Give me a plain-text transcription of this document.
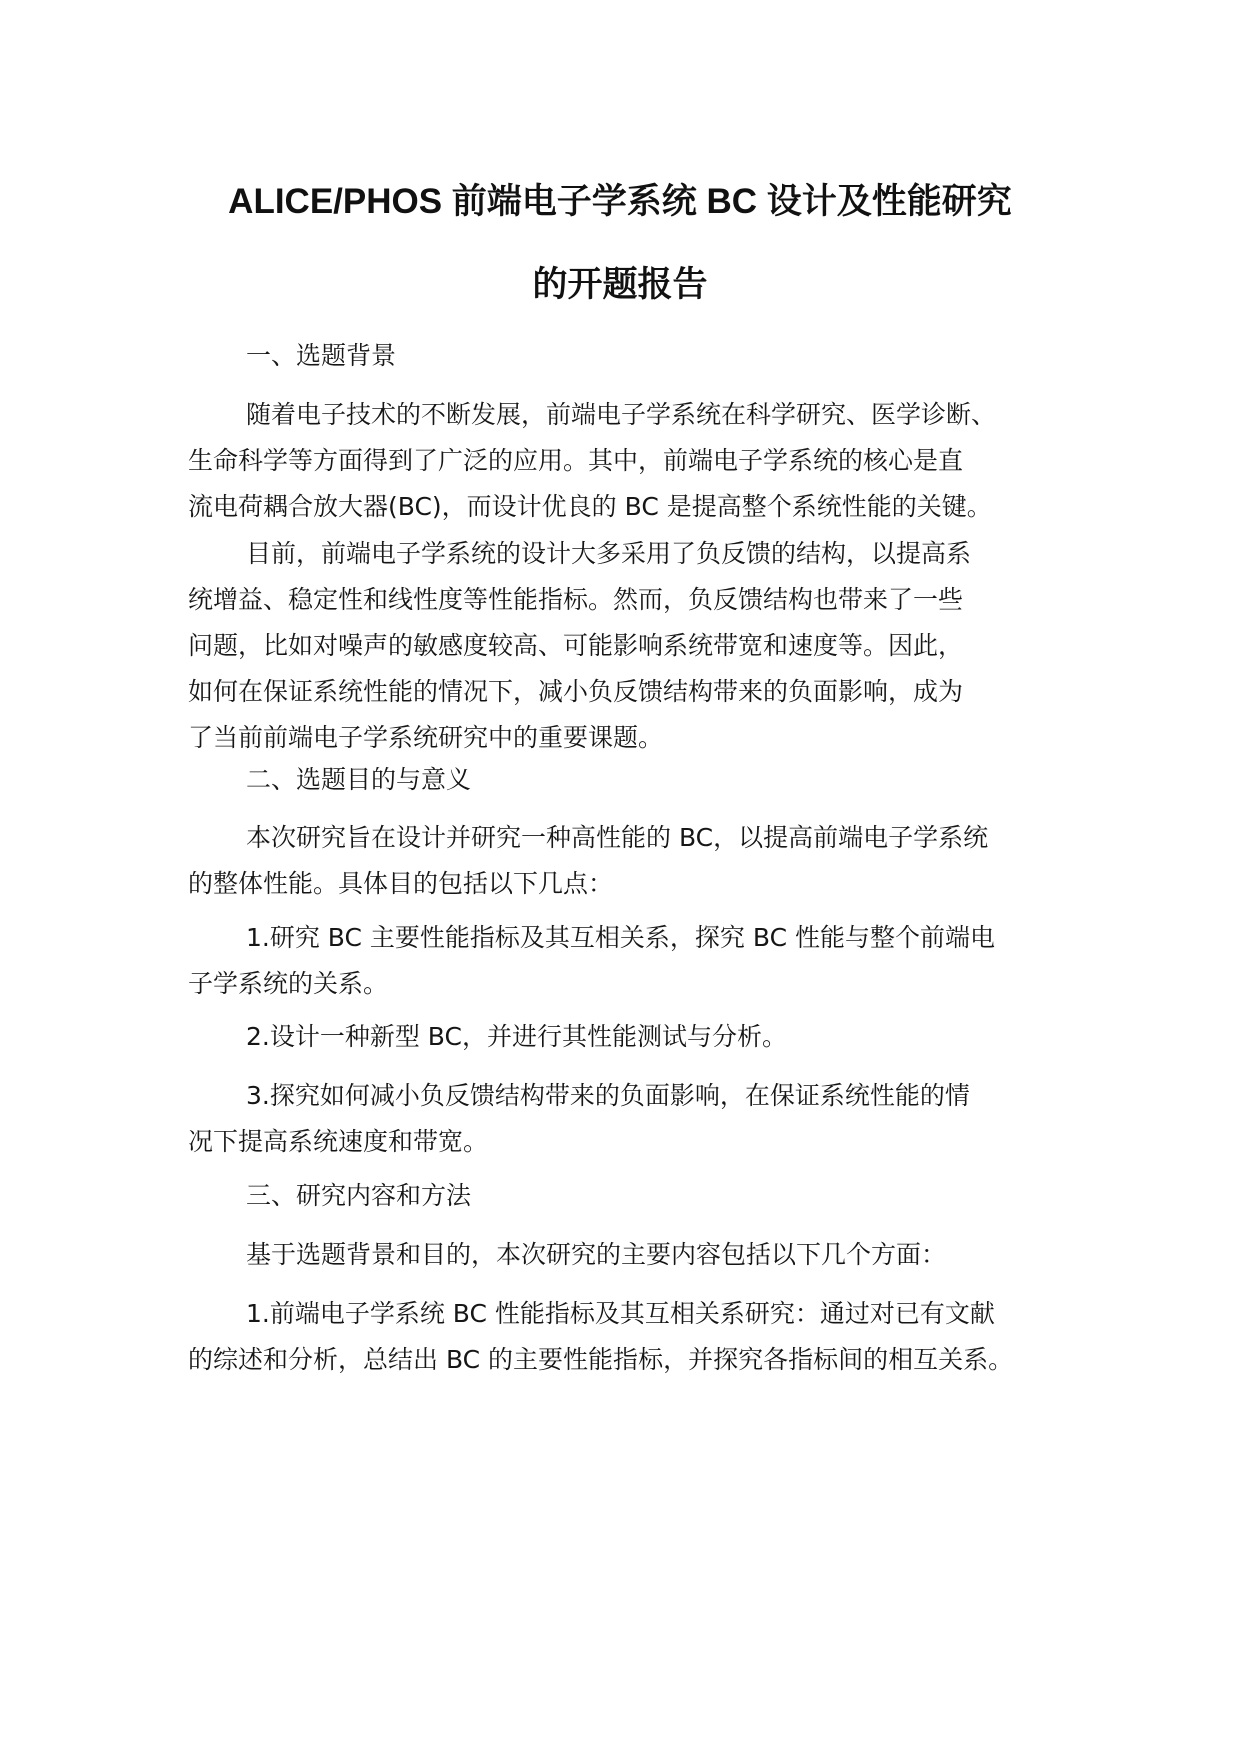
ALICE/PHOS 前端电子学系统 BC 设计及性能研究
的开题报告
一、选题背景
随着电子技术的不断发展，前端电子学系统在科学研究、医学诊断、
生命科学等方面得到了广泛的应用。其中，前端电子学系统的核心是直
流电荷耦合放大器(BC)，而设计优良的 BC 是提高整个系统性能的关键。
目前，前端电子学系统的设计大多采用了负反馈的结构，以提高系
统增益、稳定性和线性度等性能指标。然而，负反馈结构也带来了一些
问题，比如对噪声的敏感度较高、可能影响系统带宽和速度等。因此，
如何在保证系统性能的情况下，减小负反馈结构带来的负面影响，成为
了当前前端电子学系统研究中的重要课题。
二、选题目的与意义
本次研究旨在设计并研究一种高性能的 BC，以提高前端电子学系统
的整体性能。具体目的包括以下几点：
1.研究 BC 主要性能指标及其互相关系，探究 BC 性能与整个前端电
子学系统的关系。
2.设计一种新型 BC，并进行其性能测试与分析。
3.探究如何减小负反馈结构带来的负面影响，在保证系统性能的情
况下提高系统速度和带宽。
三、研究内容和方法
基于选题背景和目的，本次研究的主要内容包括以下几个方面：
1.前端电子学系统 BC 性能指标及其互相关系研究：通过对已有文献
的综述和分析，总结出 BC 的主要性能指标，并探究各指标间的相互关系。
